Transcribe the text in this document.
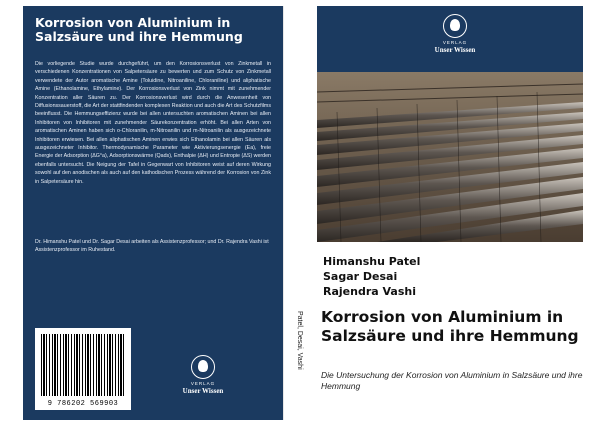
Korrosion von Aluminium in Salzsäure und ihre Hemmung
Die vorliegende Studie wurde durchgeführt, um den Korrosionsverlust von Zinkmetall in verschiedenen Konzentrationen von Salpetersäure zu bewerten und zum Schutz von Zinkmetall verwendete der Autor aromatische Amine (Toluidine, Nitroaniline, Chloraniline) und aliphatische Amine (Ethanolamine, Ethylamine). Der Korrosionsverlust von Zink nimmt mit zunehmender Konzentration aller Säuren zu. Der Korrosionsverlust wird durch die Anwesenheit von Diffusionssauerstoff, die Art der stattfindenden komplexen Reaktion und auch die Art des Schutzfilms beeinflusst. Die Hemmungseffizienz wurde bei allen untersuchten aromatischen Aminen bei allen Inhibitoren von Inhibitoren mit zunehmender Säurekonzentration erhöht. Bei allen Arten von aromatischen Aminen haben sich o-Chloranilin, m-Nitroanilin und m-Nitroanilin als ausgezeichnete Inhibitoren erwiesen. Bei allen aliphatischen Aminen erwies sich Ethanolamin bei allen Säuren als ausgezeichneter Inhibitor. Thermodynamische Parameter wie Aktivierungsenergie (Ea), freie Energie der Adsorption (ΔG°a), Adsorptionswärme (Qads), Enthalpie (ΔH) und Entropie (ΔS) werden ebenfalls untersucht. Die Neigung der Tafel in Gegenwart von Inhibitoren weist auf deren Wirkung sowohl auf den anodischen als auch auf den kathodischen Prozess während der Korrosion von Zink in Salpetersäure hin.
Dr. Himanshu Patel und Dr. Sagar Desai arbeiten als Assistenzprofessor; und Dr. Rajendra Vashi ist Assistenzprofessor im Ruhestand.
9 786202 569903
VERLAG
Unser Wissen
Patel, Desai, Vashi
VERLAG
Unser Wissen
Himanshu Patel
Sagar Desai
Rajendra Vashi
Korrosion von Aluminium in Salzsäure und ihre Hemmung
Die Untersuchung der Korrosion von Aluminium in Salzsäure und ihre Hemmung
